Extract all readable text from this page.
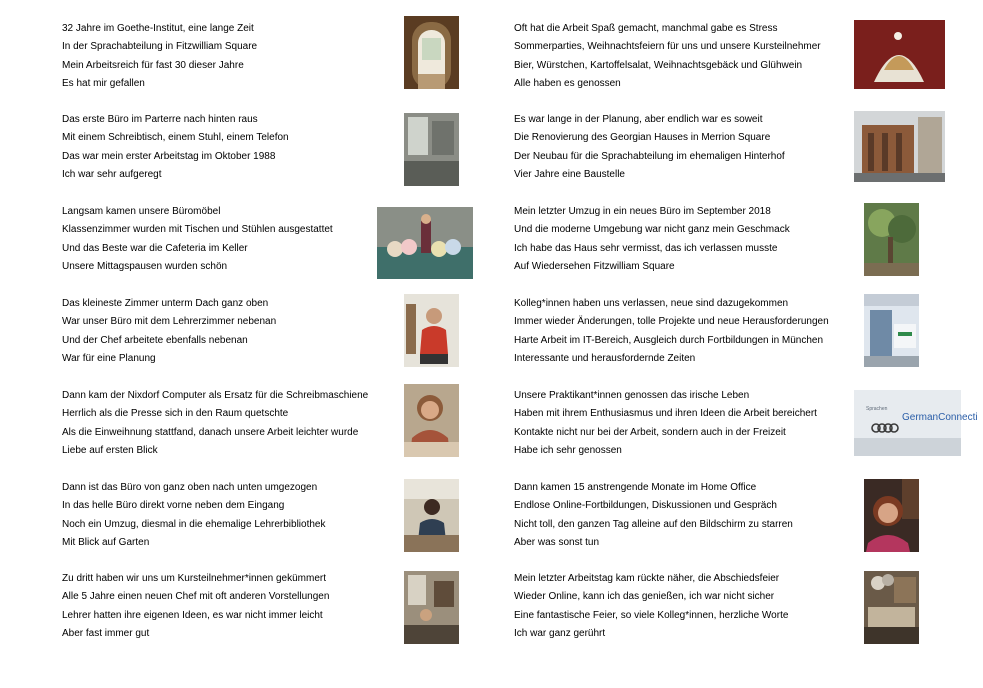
32 Jahre im Goethe-Institut, eine lange Zeit
In der Sprachabteilung in Fitzwilliam Square
Mein Arbeitsreich für fast 30 dieser Jahre
Es hat mir gefallen
Das erste Büro im Parterre nach hinten raus
Mit einem Schreibtisch, einem Stuhl, einem Telefon
Das war mein erster Arbeitstag im Oktober 1988
Ich war sehr aufgeregt
Langsam kamen unsere Büromöbel
Klassenzimmer wurden mit Tischen und Stühlen ausgestattet
Und das Beste war die Cafeteria im Keller
Unsere Mittagspausen wurden schön
Das kleineste Zimmer unterm Dach ganz oben
War unser Büro mit dem Lehrerzimmer nebenan
Und der Chef arbeitete ebenfalls nebenan
War für eine Planung
Dann kam der Nixdorf Computer als Ersatz für die Schreibmaschiene
Herrlich als die Presse sich in den Raum quetschte
Als die Einweihnung stattfand, danach unsere Arbeit leichter wurde
Liebe auf ersten Blick
Dann ist das Büro von ganz oben nach unten umgezogen
In das helle Büro direkt vorne neben dem Eingang
Noch ein Umzug, diesmal in die ehemalige Lehrerbibliothek
Mit Blick auf Garten
Zu dritt haben wir uns um Kursteilnehmer*innen gekümmert
Alle 5 Jahre einen neuen Chef mit oft anderen Vorstellungen
Lehrer hatten ihre eigenen Ideen, es war nicht immer leicht
Aber fast immer gut
Oft hat die Arbeit Spaß gemacht, manchmal gabe es Stress
Sommerparties, Weihnachtsfeiern für uns und unsere Kursteilnehmer
Bier, Würstchen, Kartoffelsalat, Weihnachtsgebäck und Glühwein
Alle haben es genossen
Es war lange in der Planung, aber endlich war es soweit
Die Renovierung des Georgian Hauses in Merrion Square
Der Neubau für die Sprachabteilung im ehemaligen Hinterhof
Vier Jahre eine Baustelle
Mein letzter Umzug in ein neues Büro im September 2018
Und die moderne Umgebung war nicht ganz mein Geschmack
Ich habe das Haus sehr vermisst, das ich verlassen musste
Auf Wiedersehen Fitzwilliam Square
Kolleg*innen haben uns verlassen, neue sind dazugekommen
Immer wieder Änderungen, tolle Projekte und neue Herausforderungen
Harte Arbeit im IT-Bereich, Ausgleich durch Fortbildungen in München
Interessante und herausfordernde Zeiten
Unsere Praktikant*innen genossen das irische Leben
Haben mit ihrem Enthusiasmus und ihren Ideen die Arbeit bereichert
Kontakte nicht nur bei der Arbeit, sondern auch in der Freizeit
Habe ich sehr genossen
Dann kamen 15 anstrengende Monate im Home Office
Endlose Online-Fortbildungen, Diskussionen und Gespräch
Nicht toll, den ganzen Tag alleine auf den Bildschirm zu starren
Aber was sonst tun
Mein letzter Arbeitstag kam rückte näher, die Abschiedsfeier
Wieder Online, kann ich das genießen, ich war nicht sicher
Eine fantastische Feier, so viele Kolleg*innen, herzliche Worte
Ich war ganz gerührt
Sprachen
GermanConnecti
